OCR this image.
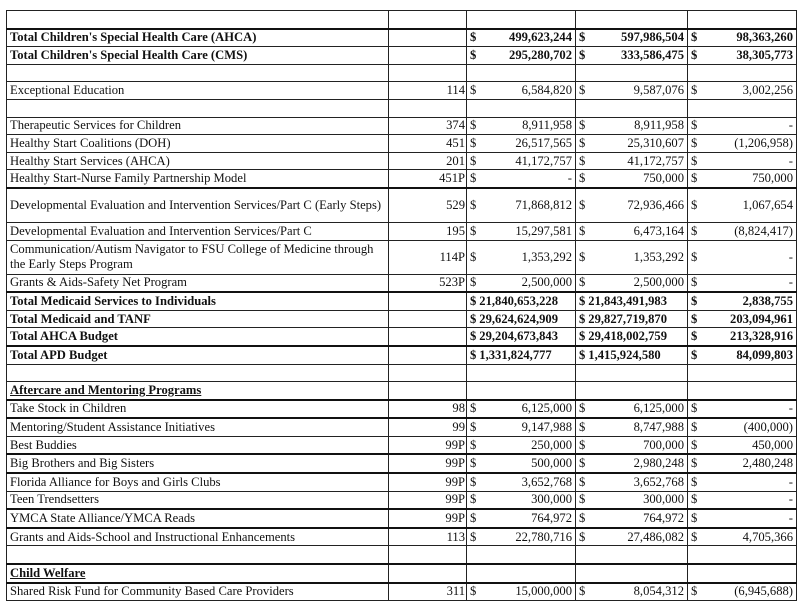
Total Children's Special Health Care (AHCA)		$ 499,623,244	$ 597,986,504	$ 98,363,260

Total Children's Special Health Care (CMS)		$ 295,280,702	$ 333,586,475	$ 38,305,773

Exceptional Education	114	$ 6,584,820	$ 9,587,076	$ 3,002,256

Therapeutic Services for Children	374	$ 8,911,958	$ 8,911,958	$ -

Healthy Start Coalitions (DOH)	451	$ 26,517,565	$ 25,310,607	$ (1,206,958)

Healthy Start Services (AHCA)	201	$ 41,172,757	$ 41,172,757	$ -

Healthy Start-Nurse Family Partnership Model	451P	$ -	$ 750,000	$ 750,000

Developmental Evaluation and Intervention Services/Part C (Early Steps)	529	$ 71,868,812	$ 72,936,466	$ 1,067,654

Developmental Evaluation and Intervention Services/Part C	195	$ 15,297,581	$ 6,473,164	$ (8,824,417)

Communication/Autism Navigator to FSU College of Medicine through the Early Steps Program	114P	$ 1,353,292	$ 1,353,292	$ -

Grants & Aids-Safety Net Program	523P	$ 2,500,000	$ 2,500,000	$ -

Total Medicaid Services to Individuals		$ 21,840,653,228	$ 21,843,491,983	$ 2,838,755

Total Medicaid and TANF		$ 29,624,624,909	$ 29,827,719,870	$ 203,094,961

Total AHCA Budget		$ 29,204,673,843	$ 29,418,002,759	$ 213,328,916

Total APD Budget		$ 1,331,824,777	$ 1,415,924,580	$ 84,099,803

Aftercare and Mentoring Programs				
Take Stock in Children	98	$ 6,125,000	$ 6,125,000	$ -

Mentoring/Student Assistance Initiatives	99	$ 9,147,988	$ 8,747,988	$ (400,000)

Best Buddies	99P	$ 250,000	$ 700,000	$ 450,000

Big Brothers and Big Sisters	99P	$ 500,000	$ 2,980,248	$ 2,480,248

Florida Alliance for Boys and Girls Clubs	99P	$ 3,652,768	$ 3,652,768	$ -

Teen Trendsetters	99P	$ 300,000	$ 300,000	$ -

YMCA State Alliance/YMCA Reads	99P	$ 764,972	$ 764,972	$ -

Grants and Aids-School and Instructional Enhancements	113	$ 22,780,716	$ 27,486,082	$ 4,705,366

Child Welfare				
Shared Risk Fund for Community Based Care Providers	311	$ 15,000,000	$ 8,054,312	$ (6,945,688)
